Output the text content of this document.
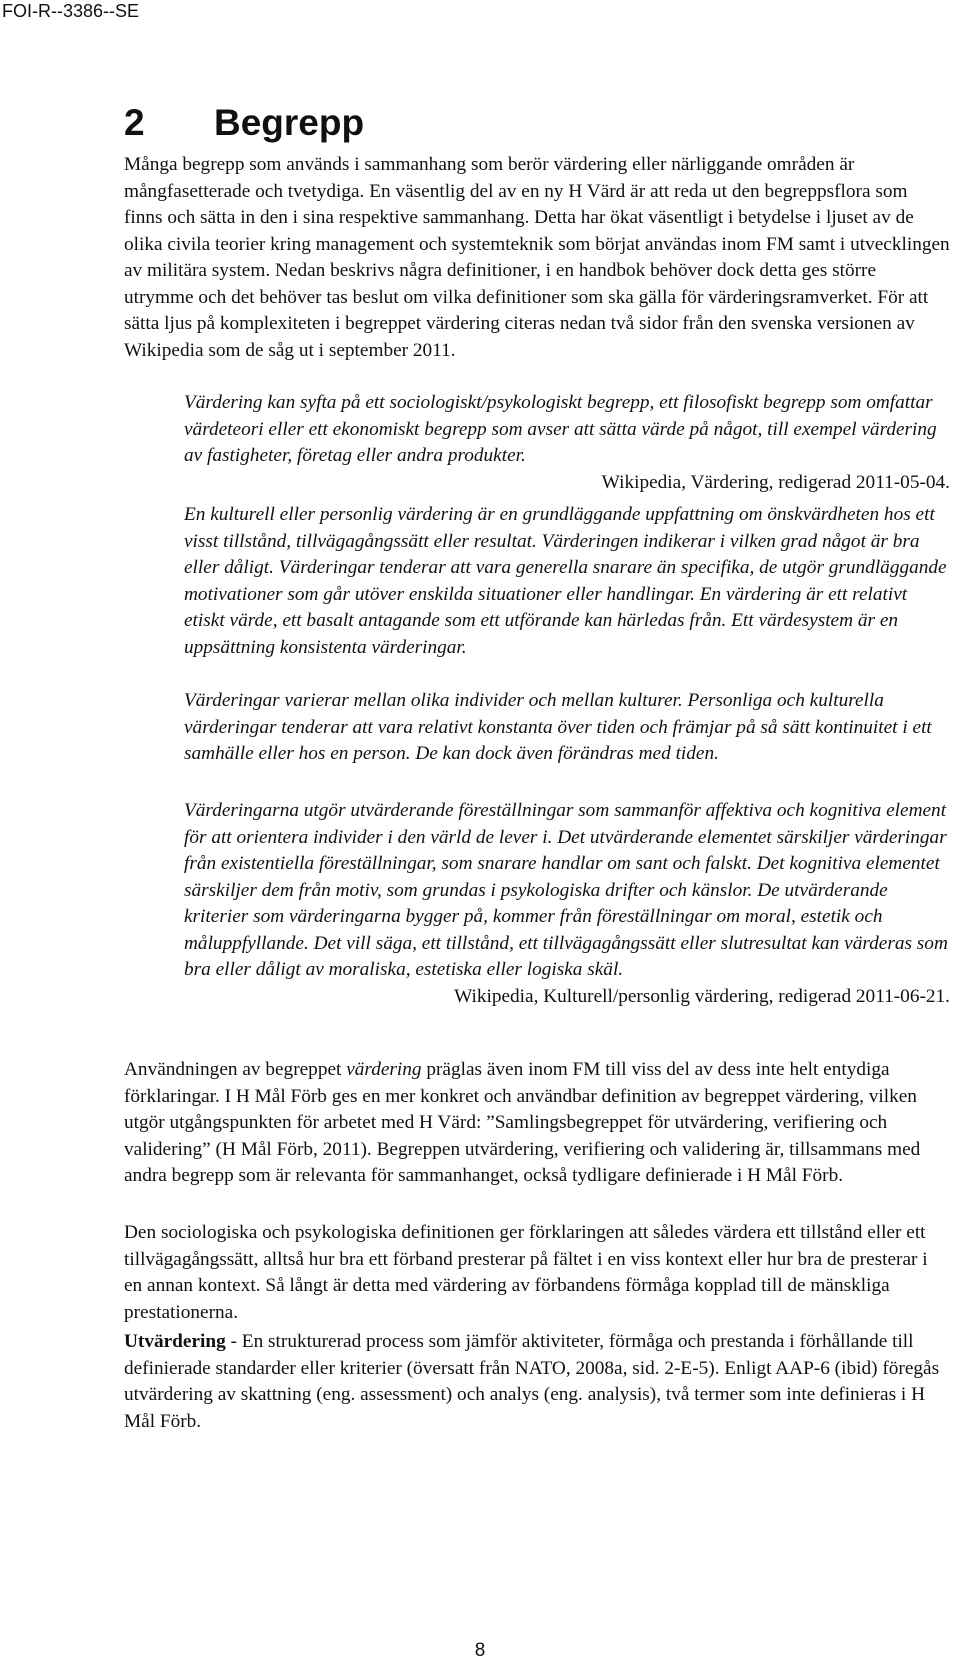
FOI-R--3386--SE
2 Begrepp

Många begrepp som används i sammanhang som berör värdering eller närliggande områden är mångfasetterade och tvetydiga. En väsentlig del av en ny H Värd är att reda ut den begreppsflora som finns och sätta in den i sina respektive sammanhang. Detta har ökat väsentligt i betydelse i ljuset av de olika civila teorier kring management och systemteknik som börjat användas inom FM samt i utvecklingen av militära system. Nedan beskrivs några definitioner, i en handbok behöver dock detta ges större utrymme och det behöver tas beslut om vilka definitioner som ska gälla för värderingsramverket. För att sätta ljus på komplexiteten i begreppet värdering citeras nedan två sidor från den svenska versionen av Wikipedia som de såg ut i september 2011.

Värdering kan syfta på ett sociologiskt/psykologiskt begrepp, ett filosofiskt begrepp som omfattar värdeteori eller ett ekonomiskt begrepp som avser att sätta värde på något, till exempel värdering av fastigheter, företag eller andra produkter.
Wikipedia, Värdering, redigerad 2011-05-04.

En kulturell eller personlig värdering är en grundläggande uppfattning om önskvärdheten hos ett visst tillstånd, tillvägagångssätt eller resultat. Värderingen indikerar i vilken grad något är bra eller dåligt. Värderingar tenderar att vara generella snarare än specifika, de utgör grundläggande motivationer som går utöver enskilda situationer eller handlingar. En värdering är ett relativt etiskt värde, ett basalt antagande som ett utförande kan härledas från. Ett värdesystem är en uppsättning konsistenta värderingar.

Värderingar varierar mellan olika individer och mellan kulturer. Personliga och kulturella värderingar tenderar att vara relativt konstanta över tiden och främjar på så sätt kontinuitet i ett samhälle eller hos en person. De kan dock även förändras med tiden.

Värderingarna utgör utvärderande föreställningar som sammanför affektiva och kognitiva element för att orientera individer i den värld de lever i. Det utvärderande elementet särskiljer värderingar från existentiella föreställningar, som snarare handlar om sant och falskt. Det kognitiva elementet särskiljer dem från motiv, som grundas i psykologiska drifter och känslor. De utvärderande kriterier som värderingarna bygger på, kommer från föreställningar om moral, estetik och måluppfyllande. Det vill säga, ett tillstånd, ett tillvägagångssätt eller slutresultat kan värderas som bra eller dåligt av moraliska, estetiska eller logiska skäl.
Wikipedia, Kulturell/personlig värdering, redigerad 2011-06-21.

Användningen av begreppet värdering präglas även inom FM till viss del av dess inte helt entydiga förklaringar. I H Mål Förb ges en mer konkret och användbar definition av begreppet värdering, vilken utgör utgångspunkten för arbetet med H Värd: ”Samlingsbegreppet för utvärdering, verifiering och validering” (H Mål Förb, 2011). Begreppen utvärdering, verifiering och validering är, tillsammans med andra begrepp som är relevanta för sammanhanget, också tydligare definierade i H Mål Förb.

Den sociologiska och psykologiska definitionen ger förklaringen att således värdera ett tillstånd eller ett tillvägagångssätt, alltså hur bra ett förband presterar på fältet i en viss kontext eller hur bra de presterar i en annan kontext. Så långt är detta med värdering av förbandens förmåga kopplad till de mänskliga prestationerna.

Utvärdering - En strukturerad process som jämför aktiviteter, förmåga och prestanda i förhållande till definierade standarder eller kriterier (översatt från NATO, 2008a, sid. 2-E-5). Enligt AAP-6 (ibid) föregås utvärdering av skattning (eng. assessment) och analys (eng. analysis), två termer som inte definieras i H Mål Förb.

8
